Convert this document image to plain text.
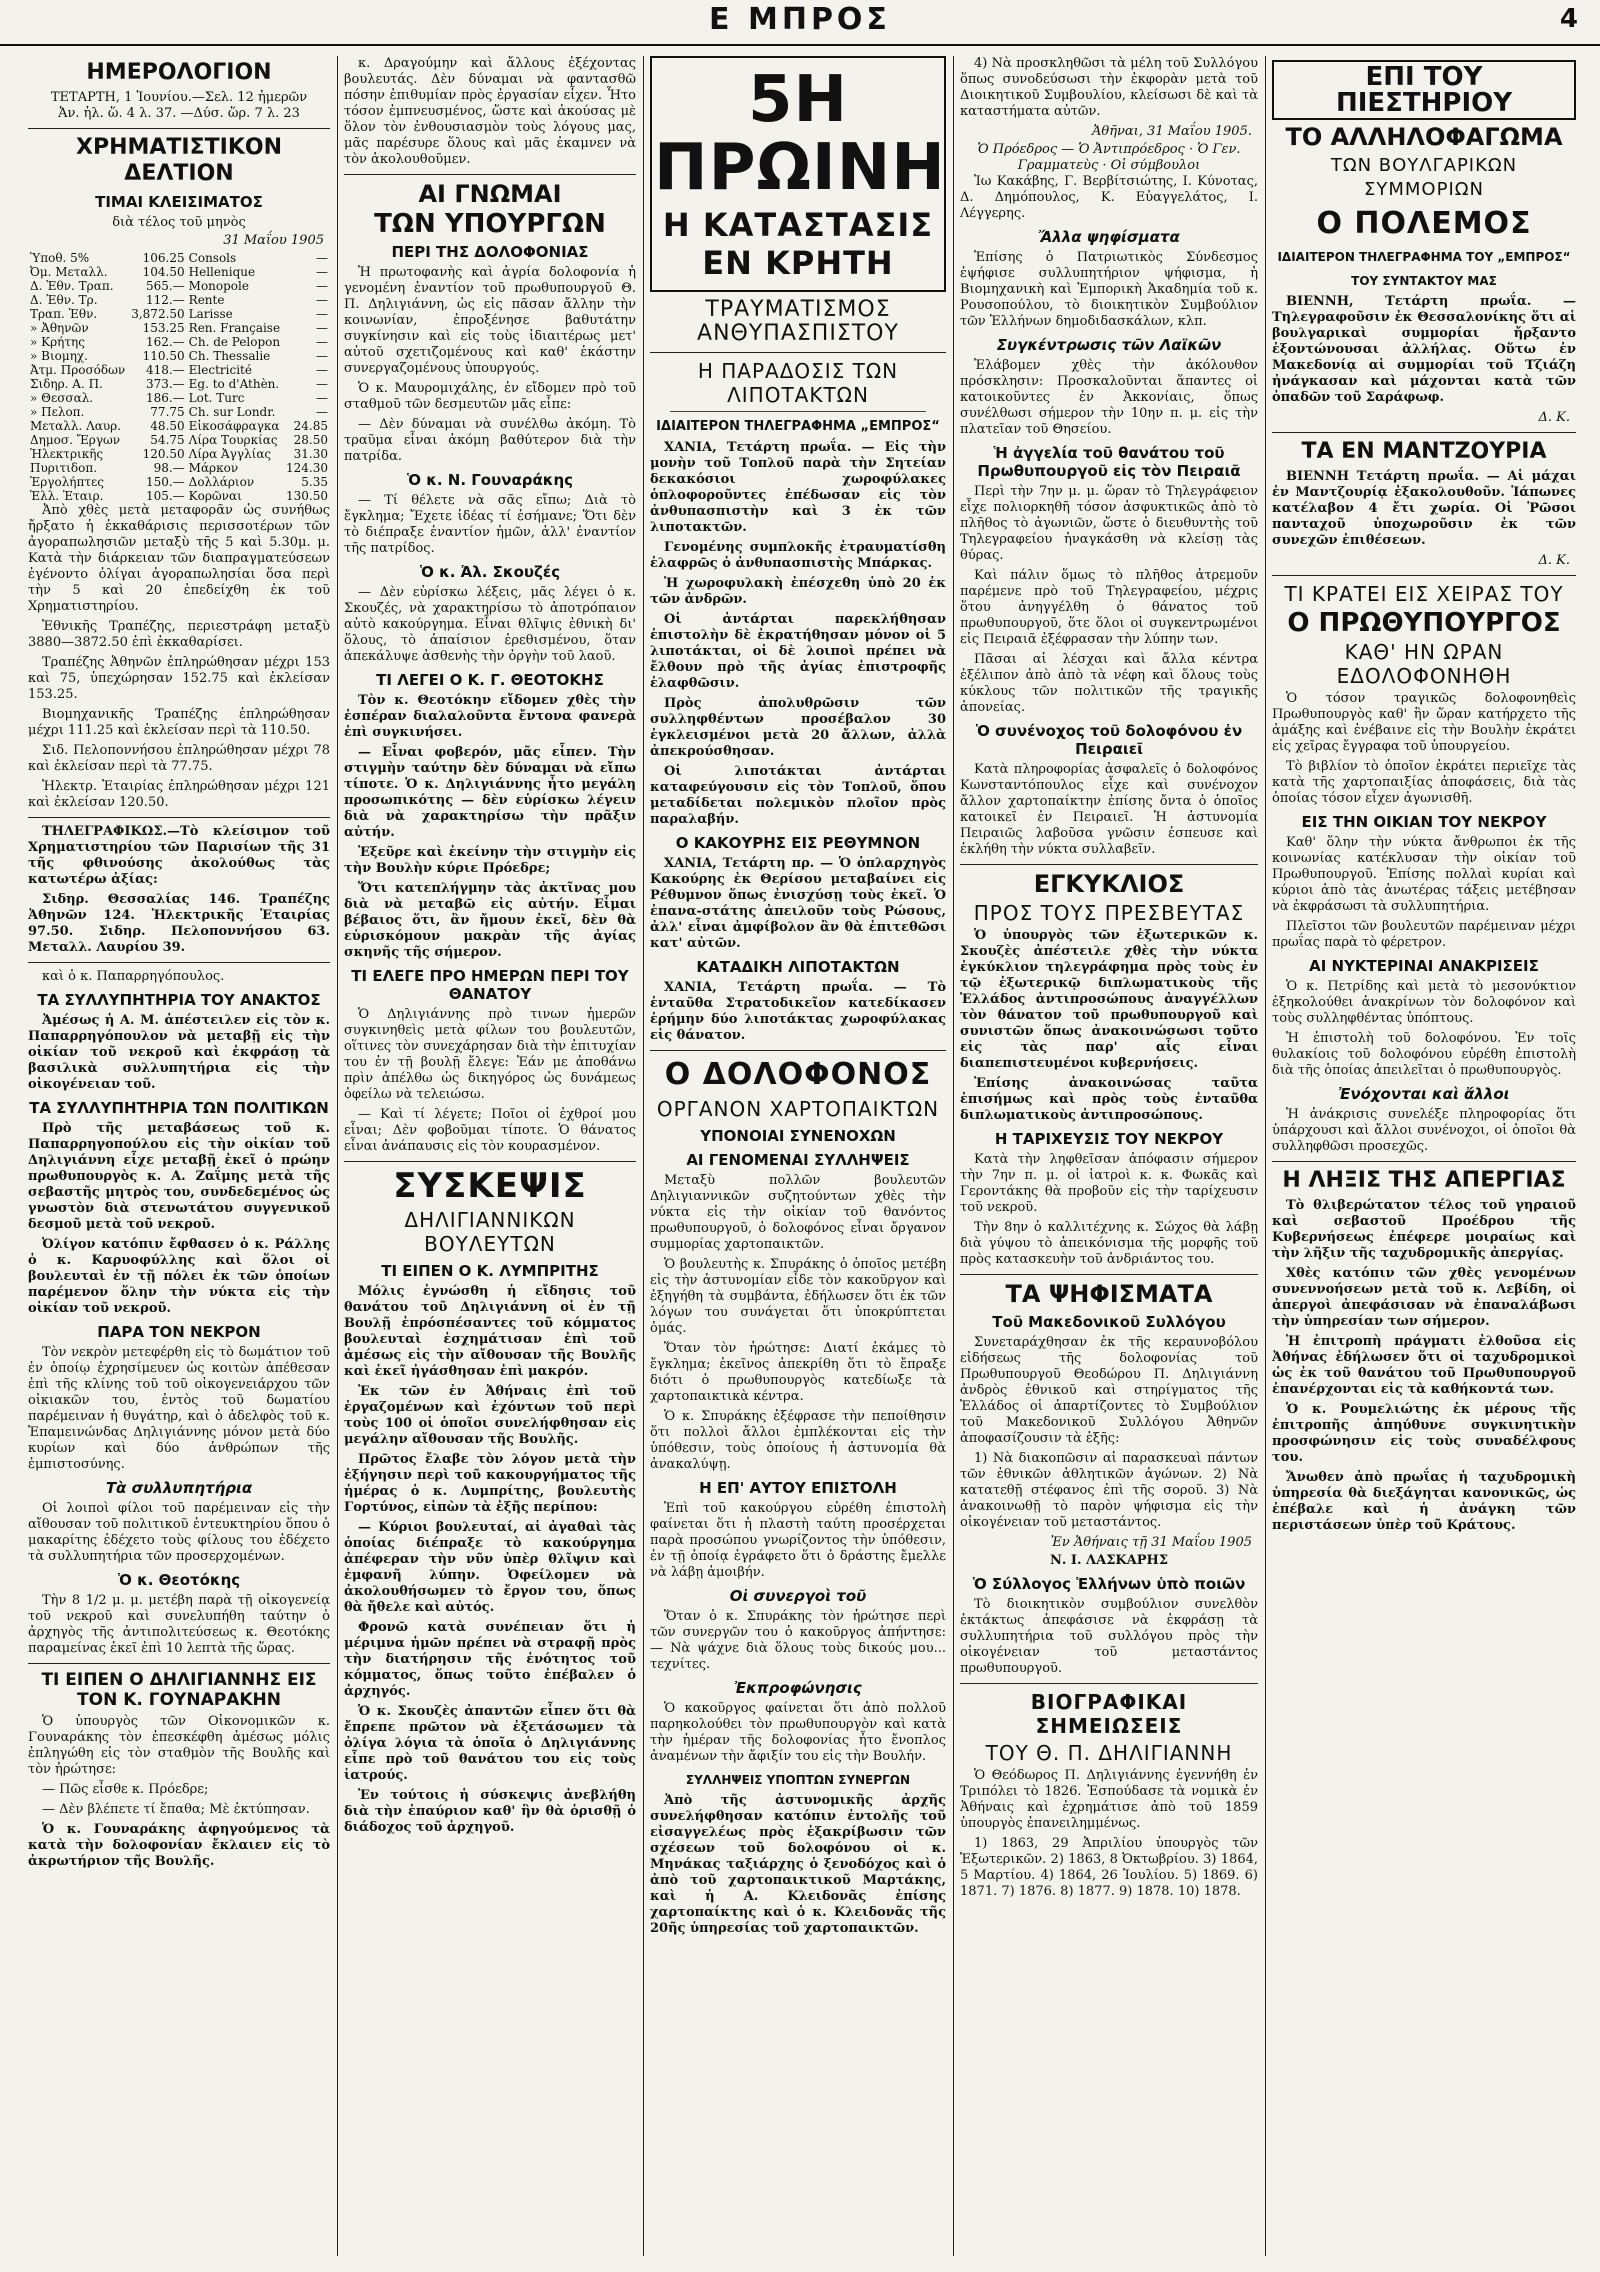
Ε ΜΠΡΟΣ	4
ΗΜΕΡΟΛΟΓΙΟΝ
ΤΕΤΑΡΤΗ, 1 Ἰουνίου.—Σελ. 12 ἡμερῶν
Ἀν. ἡλ. ὥ. 4 λ. 37. —Δύσ. ὥρ. 7 λ. 23
ΧΡΗΜΑΤΙΣΤΙΚΟΝ ΔΕΛΤΙΟΝ
ΤΙΜΑΙ ΚΛΕΙΣΙΜΑΤΟΣ
διὰ τέλος τοῦ μηνὸς
31 Μαΐου 1905
Ὑποθ. 5%	106.25	Consols	—
Ὀμ. Μεταλλ.	104.50	Hellenique	—
Δ. Ἐθν. Τραπ.	565.—	Monopole	—
Δ. Ἐθν. Τρ.	112.—	Rente	—
Τραπ. Ἐθν.	3,872.50	Larisse	—
» Ἀθηνῶν	153.25	Ren. Française	—
» Κρήτης	162.—	Ch. de Pelopon	—
» Βιομηχ.	110.50	Ch. Thessalie	—
Ἀτμ. Προσόδων	418.—	Electricité	—
Σιδηρ. Α. Π.	373.—	Eg. to d'Athèn.	—
» Θεσσαλ.	186.—	Lot. Turc	—
» Πελοπ.	77.75	Ch. sur Londr.	—
Μεταλλ. Λαυρ.	48.50	Εἰκοσάφραγκα	24.85
Δημοσ. Ἔργων	54.75	Λίρα Τουρκίας	28.50
Ἠλεκτρικῆς	120.50	Λίρα Ἀγγλίας	31.30
Πυριτιδοπ.	98.—	Μάρκον	124.30
Ἐργολήπτες	150.—	Δολλάριον	5.35
Ἑλλ. Ἐταιρ.	105.—	Κορῶναι	130.50

Ἀπὸ χθὲς μετὰ μεταφορᾶν ὡς συνήθως ἤρξατο ἡ ἐκκαθάρισις περισσοτέρων τῶν ἀγοραπωλησιῶν μεταξὺ τῆς 5 καὶ 5.30μ. μ. Κατὰ τὴν διάρκειαν τῶν διαπραγματεύσεων ἐγένοντο ὀλίγαι ἀγοραπωλησίαι ὅσα περὶ τὴν 5 καὶ 20 ἐπεδείχθη ἐκ τοῦ Χρηματιστηρίου.

Ἐθνικῆς Τραπέζης, περιεστράφη μεταξὺ 3880—3872.50 ἐπὶ ἐκκαθαρίσει.

Τραπέζης Ἀθηνῶν ἐπληρώθησαν μέχρι 153 καὶ 75, ὑπεχώρησαν 152.75 καὶ ἐκλείσαν 153.25.

Βιομηχανικῆς Τραπέζης ἐπληρώθησαν μέχρι 111.25 καὶ ἐκλείσαν περὶ τὰ 110.50.

Σιδ. Πελοποννήσου ἐπληρώθησαν μέχρι 78 καὶ ἐκλείσαν περὶ τὰ 77.75.

Ἠλεκτρ. Ἐταιρίας ἐπληρώθησαν μέχρι 121 καὶ ἐκλείσαν 120.50.

ΤΗΛΕΓΡΑΦΙΚΩΣ.—Τὸ κλείσιμον τοῦ Χρηματιστηρίου τῶν Παρισίων τῆς 31 τῆς φθινούσης ἀκολούθως τὰς κατωτέρω ἀξίας:

Σιδηρ. Θεσσαλίας 146. Τραπέζης Ἀθηνῶν 124. Ἠλεκτρικῆς Ἐταιρίας 97.50. Σιδηρ. Πελοποννήσου 63. Μεταλλ. Λαυρίου 39.

καὶ ὁ κ. Παπαρρηγόπουλος.

ΤΑ ΣΥΛΛΥΠΗΤΗΡΙΑ ΤΟΥ ΑΝΑΚΤΟΣ

Ἀμέσως ἡ Α. Μ. ἀπέστειλεν εἰς τὸν κ. Παπαρρηγόπουλον νὰ μεταβῇ εἰς τὴν οἰκίαν τοῦ νεκροῦ καὶ ἐκφράσῃ τὰ βασιλικὰ συλλυπητήρια εἰς τὴν οἰκογένειαν τοῦ.

ΤΑ ΣΥΛΛΥΠΗΤΗΡΙΑ ΤΩΝ ΠΟΛΙΤΙΚΩΝ

Πρὸ τῆς μεταβάσεως τοῦ κ. Παπαρρηγοπούλου εἰς τὴν οἰκίαν τοῦ Δηλιγιάννη εἶχε μεταβῇ ἐκεῖ ὁ πρώην πρωθυπουργὸς κ. Α. Ζαΐμης μετὰ τῆς σεβαστῆς μητρὸς του, συνδεδεμένος ὡς γνωστὸν διὰ στενωτάτου συγγενικοῦ δεσμοῦ μετὰ τοῦ νεκροῦ.

Ὀλίγον κατόπιν ἔφθασεν ὁ κ. Ράλλης ὁ κ. Καρυοφύλλης καὶ ὅλοι οἱ βουλευταὶ ἐν τῇ πόλει ἐκ τῶν ὁποίων παρέμενον ὅλην τὴν νύκτα εἰς τὴν οἰκίαν τοῦ νεκροῦ.

ΠΑΡΑ ΤΟΝ ΝΕΚΡΟΝ

Τὸν νεκρὸν μετεφέρθη εἰς τὸ δωμάτιον τοῦ ἐν ὁποίῳ ἐχρησίμευεν ὡς κοιτὼν ἀπέθεσαν ἐπὶ τῆς κλίνης τοῦ τοῦ οἰκογενειάρχου τῶν οἰκιακῶν του, ἐντὸς τοῦ δωματίου παρέμειναν ἡ θυγάτηρ, καὶ ὁ ἀδελφὸς τοῦ κ. Ἐπαμεινώνδας Δηλιγιάννης μόνον μετὰ δύο κυρίων καὶ δύο ἀνθρώπων τῆς ἐμπιστοσύνης.

Τὰ συλλυπητήρια

Οἱ λοιποὶ φίλοι τοῦ παρέμειναν εἰς τὴν αἴθουσαν τοῦ πολιτικοῦ ἐντευκτηρίου ὅπου ὁ μακαρίτης ἐδέχετο τοὺς φίλους του ἐδέχετο τὰ συλλυπητήρια τῶν προσερχομένων.

Ὁ κ. Θεοτόκης

Τὴν 8 1/2 μ. μ. μετέβη παρὰ τῇ οἰκογενείᾳ τοῦ νεκροῦ καὶ συνελυπήθη ταύτην ὁ ἀρχηγὸς τῆς ἀντιπολιτεύσεως κ. Θεοτόκης παραμείνας ἐκεῖ ἐπὶ 10 λεπτὰ τῆς ὥρας.

ΤΙ ΕΙΠΕΝ Ο ΔΗΛΙΓΙΑΝΝΗΣ ΕΙΣ ΤΟΝ Κ. ΓΟΥΝΑΡΑΚΗΝ

Ὁ ὑπουργὸς τῶν Οἰκονομικῶν κ. Γουναράκης τὸν ἐπεσκέφθη ἀμέσως μόλις ἐπληγώθη εἰς τὸν σταθμὸν τῆς Βουλῆς καὶ τὸν ἠρώτησε:

— Πῶς εἶσθε κ. Πρόεδρε;

— Δὲν βλέπετε τί ἔπαθα; Μὲ ἐκτύπησαν.

Ὁ κ. Γουναράκης ἀφηγούμενος τὰ κατὰ τὴν δολοφονίαν ἔκλαιεν εἰς τὸ ἀκρωτήριον τῆς Βουλῆς.

κ. Δραγούμην καὶ ἄλλους ἐξέχοντας βουλευτάς. Δὲν δύναμαι νὰ φαντασθῶ πόσην ἐπιθυμίαν πρὸς ἐργασίαν εἶχεν. Ἦτο τόσον ἐμπνευσμένος, ὥστε καὶ ἀκούσας μὲ ὅλον τὸν ἐνθουσιασμὸν τοὺς λόγους μας, μᾶς παρέσυρε ὅλους καὶ μᾶς ἐκαμνεν νὰ τὸν ἀκολουθοῦμεν.

ΑΙ ΓΝΩΜΑΙ
ΤΩΝ ΥΠΟΥΡΓΩΝ
ΠΕΡΙ ΤΗΣ ΔΟΛΟΦΟΝΙΑΣ

Ἡ πρωτοφανὴς καὶ ἀγρία δολοφονία ἡ γενομένη ἐναντίον τοῦ πρωθυπουργοῦ Θ. Π. Δηλιγιάννη, ὡς εἰς πᾶσαν ἄλλην τὴν κοινωνίαν, ἐπροξένησε βαθυτάτην συγκίνησιν καὶ εἰς τοὺς ἰδιαιτέρως μετ' αὐτοῦ σχετιζομένους καὶ καθ' ἑκάστην συνεργαζομένους ὑπουργούς.

Ὁ κ. Μαυρομιχάλης, ἐν εἴδομεν πρὸ τοῦ σταθμοῦ τῶν δεσμευτῶν μᾶς εἶπε:

— Δὲν δύναμαι νὰ συνέλθω ἀκόμη. Τὸ τραῦμα εἶναι ἀκόμη βαθύτερον διὰ τὴν πατρίδα.

Ὁ κ. Ν. Γουναράκης

— Τί θέλετε νὰ σᾶς εἴπω; Διὰ τὸ ἔγκλημα; Ἔχετε ἰδέας τί ἐσήμανε; Ὅτι δὲν τὸ διέπραξε ἐναντίον ἡμῶν, ἀλλ' ἐναντίον τῆς πατρίδος.

Ὁ κ. Ἀλ. Σκουζές

— Δὲν εὑρίσκω λέξεις, μᾶς λέγει ὁ κ. Σκουζές, νὰ χαρακτηρίσω τὸ ἀποτρόπαιον αὐτὸ κακούργημα. Εἶναι θλῖψις ἐθνικὴ δι' ὅλους, τὸ ἀπαίσιον ἐρεθισμένου, ὅταν ἀπεκάλυψε ἀσθενὴς τὴν ὀργὴν τοῦ λαοῦ.

ΤΙ ΛΕΓΕΙ Ο Κ. Γ. ΘΕΟΤΟΚΗΣ

Τὸν κ. Θεοτόκην εἴδομεν χθὲς τὴν ἑσπέραν διαλαλοῦντα ἔντονα φανερὰ ἐπὶ συγκινήσει.

— Εἶναι φοβερόν, μᾶς εἶπεν. Τὴν στιγμὴν ταύτην δὲν δύναμαι νὰ εἴπω τίποτε. Ὁ κ. Δηλιγιάννης ἦτο μεγάλη προσωπικότης — δὲν εὑρίσκω λέγειν διὰ νὰ χαρακτηρίσω τὴν πρᾶξιν αὐτήν.

Ἐξεῦρε καὶ ἐκείνην τὴν στιγμὴν εἰς τὴν Βουλὴν κύριε Πρόεδρε;

Ὅτι κατεπλήγμην τὰς ἀκτῖνας μου διὰ νὰ μεταβῶ εἰς αὐτήν. Εἶμαι βέβαιος ὅτι, ἂν ἤμουν ἐκεῖ, δὲν θὰ εὑρισκόμουν μακρὰν τῆς ἀγίας σκηνῆς τῆς σήμερον.

ΤΙ ΕΛΕΓΕ ΠΡΟ ΗΜΕΡΩΝ ΠΕΡΙ ΤΟΥ ΘΑΝΑΤΟΥ

Ὁ Δηλιγιάννης πρὸ τινων ἡμερῶν συγκινηθεὶς μετὰ φίλων του βουλευτῶν, οἵτινες τὸν συνεχάρησαν διὰ τὴν ἐπιτυχίαν του ἐν τῇ βουλῇ ἔλεγε: Ἐάν με ἀποθάνω πρὶν ἀπέλθω ὡς δικηγόρος ὡς δυνάμεως ὀφείλω νὰ τελειώσω.

— Καὶ τί λέγετε; Ποῖοι οἱ ἐχθροί μου εἶναι; Δὲν φοβοῦμαι τίποτε. Ὁ θάνατος εἶναι ἀνάπαυσις εἰς τὸν κουρασμένον.

ΣΥΣΚΕΨΙΣ
ΔΗΛΙΓΙΑΝΝΙΚΩΝ ΒΟΥΛΕΥΤΩΝ
ΤΙ ΕΙΠΕΝ Ο Κ. ΛΥΜΠΡΙΤΗΣ

Μόλις ἐγνώσθη ἡ εἴδησις τοῦ θανάτου τοῦ Δηλιγιάννη οἱ ἐν τῇ Βουλῇ ἐπρόσπέσαντες τοῦ κόμματος βουλευταὶ ἐσχημάτισαν ἐπὶ τοῦ ἀμέσως εἰς τὴν αἴθουσαν τῆς Βουλῆς καὶ ἐκεῖ ἠγάσθησαν ἐπὶ μακρόν.

Ἐκ τῶν ἐν Ἀθήναις ἐπὶ τοῦ ἐργαζομένων καὶ ἐχόντων τοῦ περὶ τοὺς 100 οἱ ὁποῖοι συνελήφθησαν εἰς μεγάλην αἴθουσαν τῆς Βουλῆς.

Πρῶτος ἔλαβε τὸν λόγον μετὰ τὴν ἐξήγησιν περὶ τοῦ κακουργήματος τῆς ἡμέρας ὁ κ. Λυμπρίτης, βουλευτὴς Γορτύνος, εἰπὼν τὰ ἐξῆς περίπου:

— Κύριοι βουλευταί, αἱ ἀγαθαὶ τὰς ὁποίας διέπραξε τὸ κακούργημα ἀπέφεραν τὴν νῦν ὑπὲρ θλῖψιν καὶ ἐμφανῆ λύπην. Ὀφείλομεν νὰ ἀκολουθήσωμεν τὸ ἔργον του, ὅπως θὰ ἤθελε καὶ αὐτός.

Φρονῶ κατὰ συνέπειαν ὅτι ἡ μέριμνα ἡμῶν πρέπει νὰ στραφῇ πρὸς τὴν διατήρησιν τῆς ἑνότητος τοῦ κόμματος, ὅπως τοῦτο ἐπέβαλεν ὁ ἀρχηγός.

Ὁ κ. Σκουζὲς ἀπαντῶν εἶπεν ὅτι θὰ ἔπρεπε πρῶτον νὰ ἐξετάσωμεν τὰ ὀλίγα λόγια τὰ ὁποῖα ὁ Δηλιγιάννης εἶπε πρὸ τοῦ θανάτου του εἰς τοὺς ἰατρούς.

Ἐν τούτοις ἡ σύσκεψις ἀνεβλήθη διὰ τὴν ἐπαύριον καθ' ἣν θὰ ὁρισθῇ ὁ διάδοχος τοῦ ἀρχηγοῦ.

5Η ΠΡΩΙΝΗ
Η ΚΑΤΑΣΤΑΣΙΣ ΕΝ ΚΡΗΤΗ
ΤΡΑΥΜΑΤΙΣΜΟΣ ΑΝΘΥΠΑΣΠΙΣΤΟΥ
Η ΠΑΡΑΔΟΣΙΣ ΤΩΝ ΛΙΠΟΤΑΚΤΩΝ
ΙΔΙΑΙΤΕΡΟΝ ΤΗΛΕΓΡΑΦΗΜΑ „ΕΜΠΡΟΣ“

ΧΑΝΙΑ, Τετάρτη πρωΐα. — Εἰς τὴν μονὴν τοῦ Τοπλοῦ παρὰ τὴν Σητείαν δεκακόσιοι χωροφύλακες ὁπλοφοροῦντες ἐπέδωσαν εἰς τὸν ἀνθυπασπιστὴν καὶ 3 ἐκ τῶν λιποτακτῶν.

Γενομένης συμπλοκῆς ἐτραυματίσθη ἐλαφρῶς ὁ ἀνθυπασπιστὴς Μπάρκας.

Ἡ χωροφυλακὴ ἐπέσχεθη ὑπὸ 20 ἐκ τῶν ἀνδρῶν.

Οἱ ἀντάρται παρεκλήθησαν ἐπιστολὴν δὲ ἐκρατήθησαν μόνον οἱ 5 λιποτάκται, οἱ δὲ λοιποὶ πρέπει νὰ ἔλθουν πρὸ τῆς ἀγίας ἐπιστροφῆς ἐλαφθῶσιν.

Πρὸς ἀπολυθρῶσιν τῶν συλληφθέντων προσέβαλον 30 ἐγκλεισμένοι μετὰ 20 ἄλλων, ἀλλὰ ἀπεκρούσθησαν.

Οἱ λιποτάκται ἀντάρται καταφεύγουσιν εἰς τὸν Τοπλοῦ, ὅπου μεταδίδεται πολεμικὸν πλοῖον πρὸς παραλαβήν.

Ο ΚΑΚΟΥΡΗΣ ΕΙΣ ΡΕΘΥΜΝΟΝ

ΧΑΝΙΑ, Τετάρτη πρ. — Ὁ ὁπλαρχηγὸς Κακούρης ἐκ Θερίσου μεταβαίνει εἰς Ρέθυμνον ὅπως ἐνισχύσῃ τοὺς ἐκεῖ. Ὁ ἐπανα-στάτης ἀπειλοῦν τοὺς Ρώσους, ἀλλ' εἶναι ἀμφίβολον ἂν θὰ ἐπιτεθῶσι κατ' αὐτῶν.

ΚΑΤΑΔΙΚΗ ΛΙΠΟΤΑΚΤΩΝ

ΧΑΝΙΑ, Τετάρτη πρωΐα. — Τὸ ἐνταῦθα Στρατοδικεῖον κατεδίκασεν ἐρήμην δύο λιποτάκτας χωροφύλακας εἰς θάνατον.

Ο ΔΟΛΟΦΟΝΟΣ
ΟΡΓΑΝΟΝ ΧΑΡΤΟΠΑΙΚΤΩΝ
ΥΠΟΝΟΙΑΙ ΣΥΝΕΝΟΧΩΝ
ΑΙ ΓΕΝΟΜΕΝΑΙ ΣΥΛΛΗΨΕΙΣ

Μεταξὺ πολλῶν βουλευτῶν Δηλιγιαννικῶν συζητούντων χθὲς τὴν νύκτα εἰς τὴν οἰκίαν τοῦ θανόντος πρωθυπουργοῦ, ὁ δολοφόνος εἶναι ὄργανον συμμορίας χαρτοπαικτῶν.

Ὁ βουλευτὴς κ. Σπυράκης ὁ ὁποῖος μετέβη εἰς τὴν ἀστυνομίαν εἶδε τὸν κακοῦργον καὶ ἐξηγήθη τὰ συμβάντα, ἐδήλωσεν ὅτι ἐκ τῶν λόγων του συνάγεται ὅτι ὑποκρύπτεται ὁμάς.

Ὅταν τὸν ἠρώτησε: Διατί ἐκάμες τὸ ἔγκλημα; ἐκεῖνος ἀπεκρίθη ὅτι τὸ ἔπραξε διότι ὁ πρωθυπουργὸς κατεδίωξε τὰ χαρτοπαικτικὰ κέντρα.

Ὁ κ. Σπυράκης ἐξέφρασε τὴν πεποίθησιν ὅτι πολλοὶ ἄλλοι ἐμπλέκονται εἰς τὴν ὑπόθεσιν, τοὺς ὁποίους ἡ ἀστυνομία θὰ ἀνακαλύψῃ.

Η ΕΠ' ΑΥΤΟΥ ΕΠΙΣΤΟΛΗ

Ἐπὶ τοῦ κακούργου εὑρέθη ἐπιστολὴ φαίνεται ὅτι ἡ πλαστὴ ταύτη προσέρχεται παρὰ προσώπου γνωρίζοντος τὴν ὑπόθεσιν, ἐν τῇ ὁποίᾳ ἐγράφετο ὅτι ὁ δράστης ἔμελλε νὰ λάβῃ ἀμοιβήν.

Οἱ συνεργοὶ τοῦ

Ὅταν ὁ κ. Σπυράκης τὸν ἠρώτησε περὶ τῶν συνεργῶν του ὁ κακοῦργος ἀπήντησε: — Νὰ ψάχνε διὰ ὅλους τοὺς δικούς μου... τεχνίτες.

Ἐκπροφώνησις

Ὁ κακοῦργος φαίνεται ὅτι ἀπὸ πολλοῦ παρηκολούθει τὸν πρωθυπουργὸν καὶ κατὰ τὴν ἡμέραν τῆς δολοφονίας ἦτο ἔνοπλος ἀναμένων τὴν ἄφιξίν του εἰς τὴν Βουλήν.

ΣΥΛΛΗΨΕΙΣ ΥΠΟΠΤΩΝ ΣΥΝΕΡΓΩΝ

Ἀπὸ τῆς ἀστυνομικῆς ἀρχῆς συνελήφθησαν κατόπιν ἐντολῆς τοῦ εἰσαγγελέως πρὸς ἐξακρίβωσιν τῶν σχέσεων τοῦ δολοφόνου οἱ κ. Μηνάκας ταξιάρχης ὁ ξενοδόχος καὶ ὁ ἀπὸ τοῦ χαρτοπαικτικοῦ Μαρτάκης, καὶ ἡ Α. Κλειδονᾶς ἐπίσης χαρτοπαίκτης καὶ ὁ κ. Κλειδονᾶς τῆς 20ῆς ὑπηρεσίας τοῦ χαρτοπαικτῶν.

4) Νὰ προσκληθῶσι τὰ μέλη τοῦ Συλλόγου ὅπως συνοδεύσωσι τὴν ἐκφορὰν μετὰ τοῦ Διοικητικοῦ Συμβουλίου, κλείσωσι δὲ καὶ τὰ καταστήματα αὐτῶν.

Ἀθῆναι, 31 Μαΐου 1905.
Ὁ Πρόεδρος — Ὁ Ἀντιπρόεδρος · Ὁ Γεν. Γραμματεὺς · Οἱ σύμβουλοι

Ἰω Κακάβης, Γ. Βερβίτσιώτης, Ι. Κύνοτας, Δ. Δημόπουλος, Κ. Εὐαγγελάτος, Ι. Λέγγερης.

Ἄλλα ψηφίσματα

Ἐπίσης ὁ Πατριωτικὸς Σύνδεσμος ἐψήφισε συλλυπητήριον ψήφισμα, ἡ Βιομηχανικὴ καὶ Ἐμπορικὴ Ἀκαδημία τοῦ κ. Ρουσοπούλου, τὸ διοικητικὸν Συμβούλιον τῶν Ἑλλήνων δημοδιδασκάλων, κλπ.

Συγκέντρωσις τῶν Λαϊκῶν

Ἐλάβομεν χθὲς τὴν ἀκόλουθον πρόσκλησιν: Προσκαλοῦνται ἅπαντες οἱ κατοικοῦντες ἐν Ἀκκονίαις, ὅπως συνέλθωσι σήμερον τὴν 10ην π. μ. εἰς τὴν πλατεῖαν τοῦ Θησείου.

Ἡ ἀγγελία τοῦ θανάτου τοῦ Πρωθυπουργοῦ εἰς τὸν Πειραιᾶ

Περὶ τὴν 7ην μ. μ. ὥραν τὸ Τηλεγράφειον εἶχε πολιορκηθῆ τόσον ἀσφυκτικῶς ἀπὸ τὸ πλῆθος τὸ ἀγωνιῶν, ὥστε ὁ διευθυντὴς τοῦ Τηλεγραφείου ἠναγκάσθη νὰ κλείσῃ τὰς θύρας.

Καὶ πάλιν ὅμως τὸ πλῆθος ἀτρεμοῦν παρέμενε πρὸ τοῦ Τηλεγραφείου, μέχρις ὅτου ἀνηγγέλθη ὁ θάνατος τοῦ πρωθυπουργοῦ, ὅτε ὅλοι οἱ συγκεντρωμένοι εἰς Πειραιᾶ ἐξέφρασαν τὴν λύπην των.

Πᾶσαι αἱ λέσχαι καὶ ἄλλα κέντρα ἐξέλιπον ἀπὸ ἀπὸ τὰ νέφη καὶ ὅλους τοὺς κύκλους τῶν πολιτικῶν τῆς τραγικῆς ἀπονείας.

Ὁ συνένοχος τοῦ δολοφόνου ἐν Πειραιεῖ

Κατὰ πληροφορίας ἀσφαλεῖς ὁ δολοφόνος Κωνσταντόπουλος εἶχε καὶ συνένοχον ἄλλον χαρτοπαίκτην ἐπίσης ὄντα ὁ ὁποῖος κατοικεῖ ἐν Πειραιεῖ. Ἡ ἀστυνομία Πειραιῶς λαβοῦσα γνῶσιν ἐσπευσε καὶ ἐκλήθη τὴν νύκτα συλλαβεῖν.

ΕΓΚΥΚΛΙΟΣ
ΠΡΟΣ ΤΟΥΣ ΠΡΕΣΒΕΥΤΑΣ

Ὁ ὑπουργὸς τῶν ἐξωτερικῶν κ. Σκουζὲς ἀπέστειλε χθὲς τὴν νύκτα ἐγκύκλιον τηλεγράφημα πρὸς τοὺς ἐν τῷ ἐξωτερικῷ διπλωματικοὺς τῆς Ἑλλάδος ἀντιπροσώπους ἀναγγέλλων τὸν θάνατον τοῦ πρωθυπουργοῦ καὶ συνιστῶν ὅπως ἀνακοινώσωσι τοῦτο εἰς τὰς παρ' αἷς εἶναι διαπεπιστευμένοι κυβερνήσεις.

Ἐπίσης ἀνακοινώσας ταῦτα ἐπισήμως καὶ πρὸς τοὺς ἐνταῦθα διπλωματικοὺς ἀντιπροσώπους.

Η ΤΑΡΙΧΕΥΣΙΣ ΤΟΥ ΝΕΚΡΟΥ

Κατὰ τὴν ληφθεῖσαν ἀπόφασιν σήμερον τὴν 7ην π. μ. οἱ ἰατροὶ κ. κ. Φωκᾶς καὶ Γεροντάκης θὰ προβοῦν εἰς τὴν ταρίχευσιν τοῦ νεκροῦ.

Τὴν 8ην ὁ καλλιτέχνης κ. Σώχος θὰ λάβῃ διὰ γύψου τὸ ἀπεικόνισμα τῆς μορφῆς τοῦ πρὸς κατασκευὴν τοῦ ἀνδριάντος του.

ΤΑ ΨΗΦΙΣΜΑΤΑ
Τοῦ Μακεδονικοῦ Συλλόγου

Συνεταράχθησαν ἐκ τῆς κεραυνοβόλου εἰδήσεως τῆς δολοφονίας τοῦ Πρωθυπουργοῦ Θεοδώρου Π. Δηλιγιάννη ἀνδρὸς ἐθνικοῦ καὶ στηρίγματος τῆς Ἑλλάδος οἱ ἀπαρτίζοντες τὸ Συμβούλιον τοῦ Μακεδονικοῦ Συλλόγου Ἀθηνῶν ἀποφασίζουσιν τὰ ἑξῆς:

1) Νὰ διακοπῶσιν αἱ παρασκευαὶ πάντων τῶν ἐθνικῶν ἀθλητικῶν ἀγώνων. 2) Νὰ κατατεθῇ στέφανος ἐπὶ τῆς σοροῦ. 3) Νὰ ἀνακοινωθῇ τὸ παρὸν ψήφισμα εἰς τὴν οἰκογένειαν τοῦ μεταστάντος.

Ἐν Ἀθήναις τῇ 31 Μαΐου 1905
Ν. Ι. ΛΑΣΚΑΡΗΣ
Ὁ Σύλλογος Ἑλλήνων ὑπὸ ποιῶν

Τὸ διοικητικὸν συμβούλιον συνελθὸν ἐκτάκτως ἀπεφάσισε νὰ ἐκφράσῃ τὰ συλλυπητήρια τοῦ συλλόγου πρὸς τὴν οἰκογένειαν τοῦ μεταστάντος πρωθυπουργοῦ.

ΒΙΟΓΡΑΦΙΚΑΙ ΣΗΜΕΙΩΣΕΙΣ
ΤΟΥ Θ. Π. ΔΗΛΙΓΙΑΝΝΗ

Ὁ Θεόδωρος Π. Δηλιγιάννης ἐγεννήθη ἐν Τριπόλει τὸ 1826. Ἐσπούδασε τὰ νομικὰ ἐν Ἀθήναις καὶ ἐχρημάτισε ἀπὸ τοῦ 1859 ὑπουργὸς ἐπανειλημμένως.

1) 1863, 29 Ἀπριλίου ὑπουργὸς τῶν Ἐξωτερικῶν. 2) 1863, 8 Ὀκτωβρίου. 3) 1864, 5 Μαρτίου. 4) 1864, 26 Ἰουλίου. 5) 1869. 6) 1871. 7) 1876. 8) 1877. 9) 1878. 10) 1878.

ΕΠΙ ΤΟΥ ΠΙΕΣΤΗΡΙΟΥ
ΤΟ ΑΛΛΗΛΟΦΑΓΩΜΑ
ΤΩΝ ΒΟΥΛΓΑΡΙΚΩΝ ΣΥΜΜΟΡΙΩΝ
Ο ΠΟΛΕΜΟΣ
ΙΔΙΑΙΤΕΡΟΝ ΤΗΛΕΓΡΑΦΗΜΑ ΤΟΥ „ΕΜΠΡΟΣ“
ΤΟΥ ΣΥΝΤΑΚΤΟΥ ΜΑΣ

ΒΙΕΝΝΗ, Τετάρτη πρωΐα. — Τηλεγραφοῦσιν ἐκ Θεσσαλονίκης ὅτι αἱ βουλγαρικαὶ συμμορίαι ἤρξαντο ἐξοντώνουσαι ἀλλήλας. Οὕτω ἐν Μακεδονίᾳ αἱ συμμορίαι τοῦ Τζιάζη ἠνάγκασαν καὶ μάχονται κατὰ τῶν ὀπαδῶν τοῦ Σαράφωφ.

Δ. Κ.
ΤΑ ΕΝ ΜΑΝΤΖΟΥΡΙΑ

ΒΙΕΝΝΗ Τετάρτη πρωΐα. — Αἱ μάχαι ἐν Μαντζουρίᾳ ἐξακολουθοῦν. Ἱάπωνες κατέλαβον 4 ἔτι χωρία. Οἱ Ῥῶσοι πανταχοῦ ὑποχωροῦσιν ἐκ τῶν συνεχῶν ἐπιθέσεων.

Δ. Κ.
ΤΙ ΚΡΑΤΕΙ ΕΙΣ ΧΕΙΡΑΣ ΤΟΥ
Ο ΠΡΩΘΥΠΟΥΡΓΟΣ
ΚΑΘ' ΗΝ ΩΡΑΝ ΕΔΟΛΟΦΟΝΗΘΗ

Ὁ τόσον τραγικῶς δολοφονηθεὶς Πρωθυπουργὸς καθ' ἣν ὥραν κατήρχετο τῆς ἁμάξης καὶ ἐνέβαινε εἰς τὴν Βουλὴν ἐκράτει εἰς χεῖρας ἔγγραφα τοῦ ὑπουργείου.

Τὸ βιβλίον τὸ ὁποῖον ἐκράτει περιεῖχε τὰς κατὰ τῆς χαρτοπαιξίας ἀποφάσεις, διὰ τὰς ὁποίας τόσον εἶχεν ἀγωνισθῆ.

ΕΙΣ ΤΗΝ ΟΙΚΙΑΝ ΤΟΥ ΝΕΚΡΟΥ

Καθ' ὅλην τὴν νύκτα ἄνθρωποι ἐκ τῆς κοινωνίας κατέκλυσαν τὴν οἰκίαν τοῦ Πρωθυπουργοῦ. Ἐπίσης πολλαὶ κυρίαι καὶ κύριοι ἀπὸ τὰς ἀνωτέρας τάξεις μετέβησαν νὰ ἐκφράσωσι τὰ συλλυπητήρια.

Πλεῖστοι τῶν βουλευτῶν παρέμειναν μέχρι πρωΐας παρὰ τὸ φέρετρον.

ΑΙ ΝΥΚΤΕΡΙΝΑΙ ΑΝΑΚΡΙΣΕΙΣ

Ὁ κ. Πετρίδης καὶ μετὰ τὸ μεσονύκτιον ἐξηκολούθει ἀνακρίνων τὸν δολοφόνον καὶ τοὺς συλληφθέντας ὑπόπτους.

Ἡ ἐπιστολὴ τοῦ δολοφόνου. Ἐν τοῖς θυλακίοις τοῦ δολοφόνου εὑρέθη ἐπιστολὴ διὰ τῆς ὁποίας ἀπειλεῖται ὁ πρωθυπουργὸς.

Ἐνόχονται καὶ ἄλλοι

Ἡ ἀνάκρισις συνελέξε πληροφορίας ὅτι ὑπάρχουσι καὶ ἄλλοι συνένοχοι, οἱ ὁποῖοι θὰ συλληφθῶσι προσεχῶς.

Η ΛΗΞΙΣ ΤΗΣ ΑΠΕΡΓΙΑΣ

Τὸ θλιβερώτατον τέλος τοῦ γηραιοῦ καὶ σεβαστοῦ Προέδρου τῆς Κυβερνήσεως ἐπέφερε μοιραίως καὶ τὴν λῆξιν τῆς ταχυδρομικῆς ἀπεργίας.

Χθὲς κατόπιν τῶν χθὲς γενομένων συνεννοήσεων μετὰ τοῦ κ. Λεβίδη, οἱ ἀπεργοὶ ἀπεφάσισαν νὰ ἐπαναλάβωσι τὴν ὑπηρεσίαν των σήμερον.

Ἡ ἐπιτροπὴ πράγματι ἐλθοῦσα εἰς Ἀθήνας ἐδήλωσεν ὅτι οἱ ταχυδρομικοὶ ὡς ἐκ τοῦ θανάτου τοῦ Πρωθυπουργοῦ ἐπανέρχονται εἰς τὰ καθήκοντά των.

Ὁ κ. Ρουμελιώτης ἐκ μέρους τῆς ἐπιτροπῆς ἀπηύθυνε συγκινητικὴν προσφώνησιν εἰς τοὺς συναδέλφους του.

Ἄνωθεν ἀπὸ πρωΐας ἡ ταχυδρομικὴ ὑπηρεσία θὰ διεξάγηται κανονικῶς, ὡς ἐπέβαλε καὶ ἡ ἀνάγκη τῶν περιστάσεων ὑπὲρ τοῦ Κράτους.
